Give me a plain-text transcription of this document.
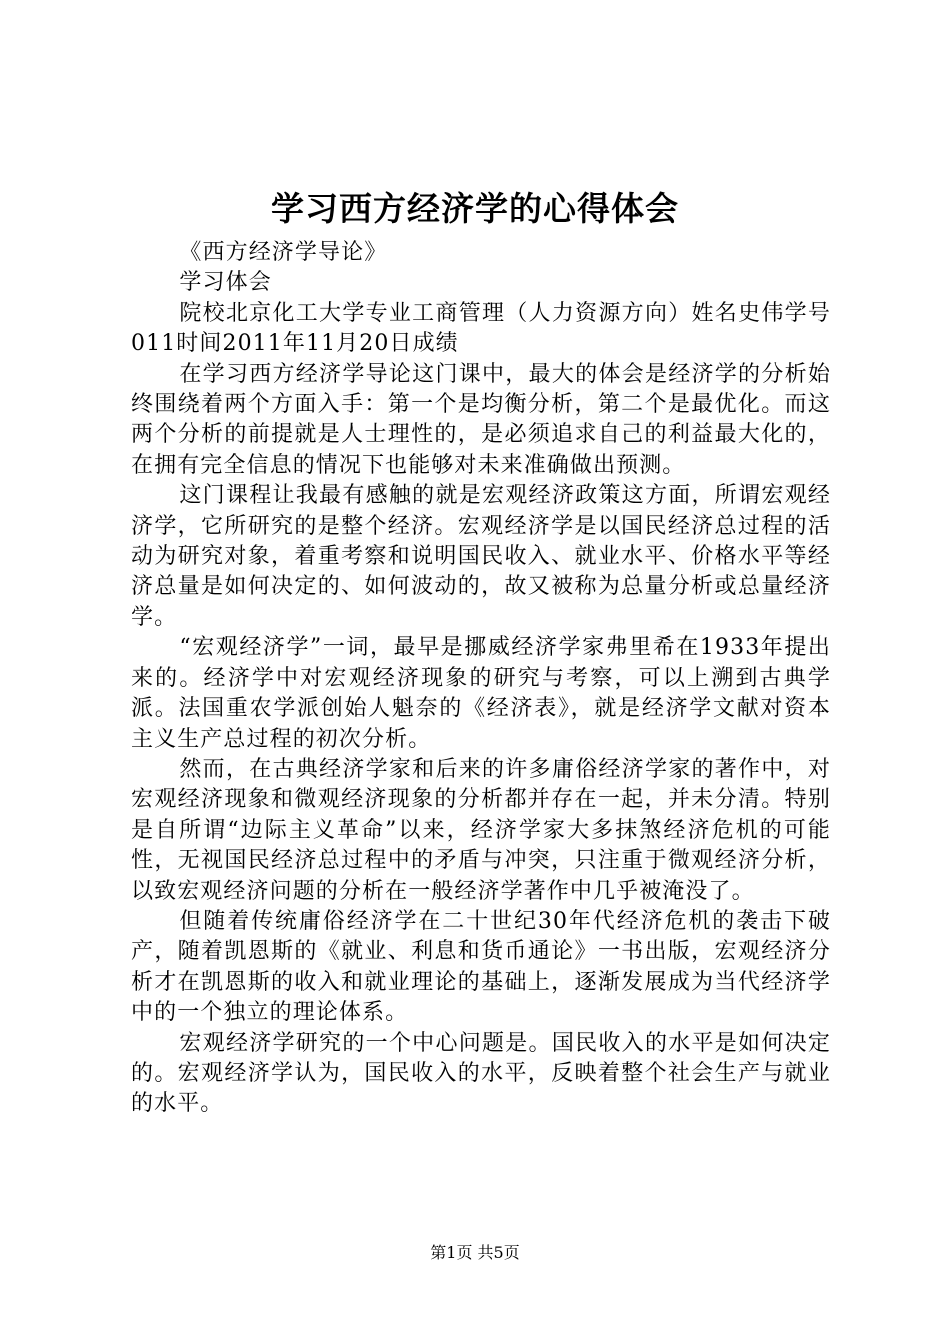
学习西方经济学的心得体会

《西方经济学导论》

学习体会

院校北京化工大学专业工商管理（人力资源方向）姓名史伟学号011时间2011年11月20日成绩

在学习西方经济学导论这门课中，最大的体会是经济学的分析始终围绕着两个方面入手：第一个是均衡分析，第二个是最优化。而这两个分析的前提就是人士理性的，是必须追求自己的利益最大化的，在拥有完全信息的情况下也能够对未来准确做出预测。

这门课程让我最有感触的就是宏观经济政策这方面，所谓宏观经济学，它所研究的是整个经济。宏观经济学是以国民经济总过程的活动为研究对象，着重考察和说明国民收入、就业水平、价格水平等经济总量是如何决定的、如何波动的，故又被称为总量分析或总量经济学。

“宏观经济学”一词，最早是挪威经济学家弗里希在1933年提出来的。经济学中对宏观经济现象的研究与考察，可以上溯到古典学派。法国重农学派创始人魁奈的《经济表》，就是经济学文献对资本主义生产总过程的初次分析。

然而，在古典经济学家和后来的许多庸俗经济学家的著作中，对宏观经济现象和微观经济现象的分析都并存在一起，并未分清。特别是自所谓“边际主义革命”以来，经济学家大多抹煞经济危机的可能性，无视国民经济总过程中的矛盾与冲突，只注重于微观经济分析，以致宏观经济问题的分析在一般经济学著作中几乎被淹没了。

但随着传统庸俗经济学在二十世纪30年代经济危机的袭击下破产，随着凯恩斯的《就业、利息和货币通论》一书出版，宏观经济分析才在凯恩斯的收入和就业理论的基础上，逐渐发展成为当代经济学中的一个独立的理论体系。

宏观经济学研究的一个中心问题是。国民收入的水平是如何决定的。宏观经济学认为，国民收入的水平，反映着整个社会生产与就业的水平。

第1页 共5页
